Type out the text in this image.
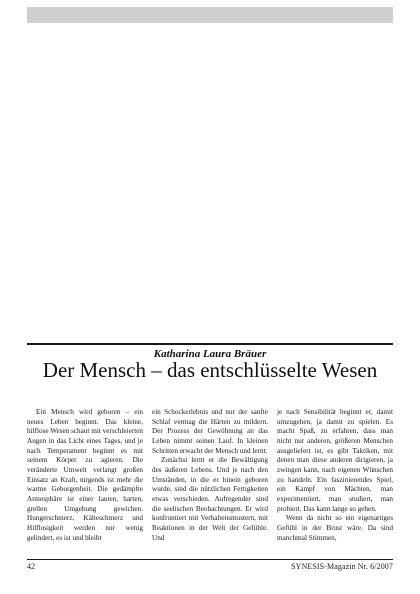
Katharina Laura Bräuer
Der Mensch – das entschlüsselte Wesen

Ein Mensch wird geboren – ein neues Leben beginnt. Das kleine, hilflose Wesen schaut mit verschleierten Augen in das Licht eines Tages, und je nach Temperament beginnt es mit seinem Körper zu agieren. Die veränderte Umwelt verlangt großen Einsatz an Kraft, nirgends ist mehr die warme Geborgenheit. Die gedämpfte Atmosphäre ist einer lauten, harten, grellen Umgebung gewichen. Hungerschmerz, Kälteschmerz und Hilflosigkeit werden nur wenig gelindert, es ist und bleibt

ein Schockerlebnis und nur der sanfte Schlaf vermag die Härten zu mildern. Der Prozess der Gewöhnung an das Leben nimmt seinen Lauf. In kleinen Schritten erwacht der Mensch und lernt.

Zunächst lernt er die Bewältigung des äußeren Lebens. Und je nach den Umständen, in die er hinein geboren wurde, sind die nützlichen Fertigkeiten etwas verschieden. Aufregender sind die seelischen Beobachtungen. Er wird konfrontiert mit Verhaltensmustern, mit Reaktionen in der Welt der Gefühle. Und

je nach Sensibilität beginnt er, damit umzugehen, ja damit zu spielen. Es macht Spaß, zu erfahren, dass man nicht nur anderen, größeren Menschen ausgeliefert ist, es gibt Taktiken, mit denen man diese anderen dirigieren, ja zwingen kann, nach eigenen Wünschen zu handeln. Ein faszinierendes Spiel, ein Kampf von Mächten, man experimentiert, man studiert, man probiert. Das kann lange so gehen.

Wenn da nicht so ein eigenartiges Gefühl in der Brust wäre. Da sind manchmal Stimmen,

42	SYNESIS-Magazin Nr. 6/2007
